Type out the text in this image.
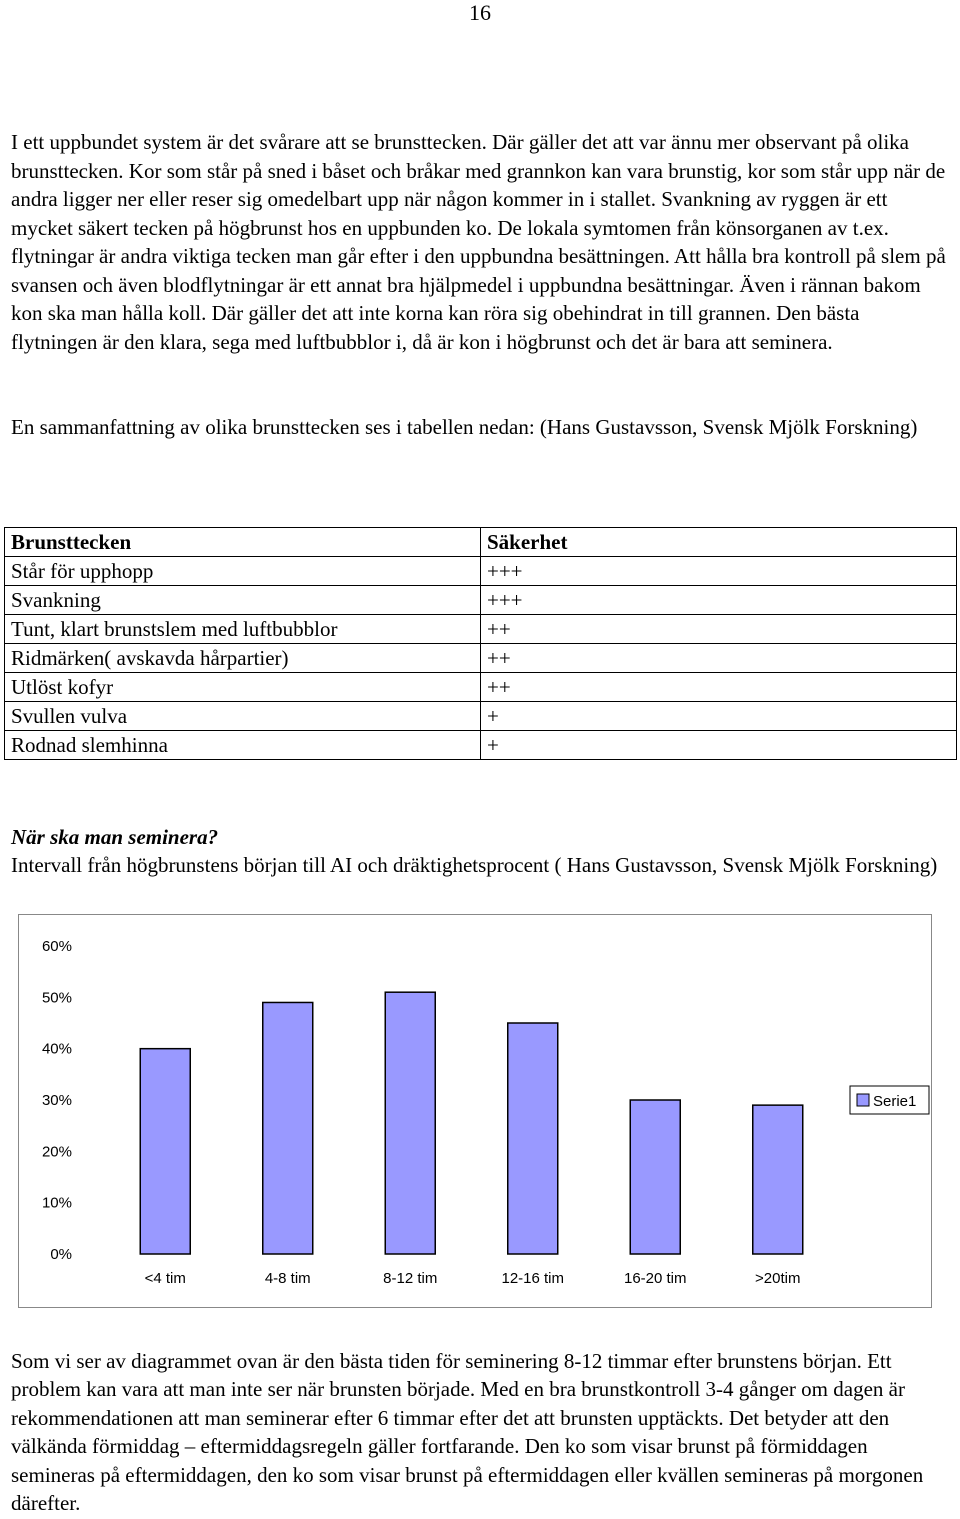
16

I ett uppbundet system är det svårare att se brunsttecken. Där gäller det att var ännu mer observant på olika brunsttecken. Kor som står på sned i båset och bråkar med grannkon kan vara brunstig, kor som står upp när de andra ligger ner eller reser sig omedelbart upp när någon kommer in i stallet. Svankning av ryggen är ett mycket säkert tecken på högbrunst hos en uppbunden ko. De lokala symtomen från könsorganen av t.ex. flytningar är andra viktiga tecken man går efter i den uppbundna besättningen. Att hålla bra kontroll på slem på svansen och även blodflytningar är ett annat bra hjälpmedel i uppbundna besättningar. Även i rännan bakom kon ska man hålla koll. Där gäller det att inte korna kan röra sig obehindrat in till grannen. Den bästa flytningen är den klara, sega med luftbubblor i, då är kon i högbrunst och det är bara att seminera.

En sammanfattning av olika brunsttecken ses i tabellen nedan: (Hans Gustavsson, Svensk Mjölk Forskning)

Brunsttecken	Säkerhet
Står för upphopp	+++
Svankning	+++
Tunt, klart brunstslem med luftbubblor	++
Ridmärken( avskavda hårpartier)	++
Utlöst kofyr	++
Svullen vulva	+
Rodnad slemhinna	+

När ska man seminera?

Intervall från högbrunstens början till AI och dräktighetsprocent ( Hans Gustavsson, Svensk Mjölk Forskning)

0%
10%
20%
30%
40%
50%
60%
<4 tim	4-8 tim	8-12 tim	12-16 tim	16-20 tim	>20tim
Serie1

Som vi ser av diagrammet ovan är den bästa tiden för seminering 8-12 timmar efter brunstens början. Ett problem kan vara att man inte ser när brunsten började. Med en bra brunstkontroll 3-4 gånger om dagen är rekommendationen att man seminerar efter 6 timmar efter det att brunsten upptäckts. Det betyder att den välkända förmiddag – eftermiddagsregeln gäller fortfarande. Den ko som visar brunst på förmiddagen semineras på eftermiddagen, den ko som visar brunst på eftermiddagen eller kvällen semineras på morgonen därefter.
